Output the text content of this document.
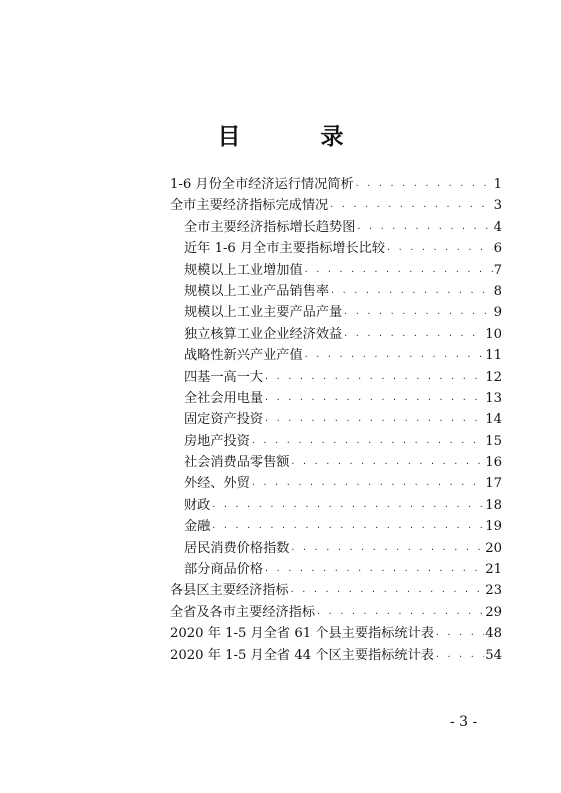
目 录
1-6 月份全市经济运行情况简析 · · ·	1
全市主要经济指标完成情况 · · ·	3
全市主要经济指标增长趋势图 · · ·	4
近年 1-6 月全市主要指标增长比较 · · ·	6
规模以上工业增加值 · · ·	7
规模以上工业产品销售率 · · ·	8
规模以上工业主要产品产量 · · ·	9
独立核算工业企业经济效益 · · ·	10
战略性新兴产业产值 · · ·	11
四基一高一大 · · ·	12
全社会用电量 · · ·	13
固定资产投资 · · ·	14
房地产投资 · · ·	15
社会消费品零售额 · · ·	16
外经、外贸 · · ·	17
财政 · · ·	18
金融 · · ·	19
居民消费价格指数 · · ·	20
部分商品价格 · · ·	21
各县区主要经济指标 · · ·	23
全省及各市主要经济指标 · · ·	29
2020 年 1-5 月全省 61 个县主要指标统计表 · · ·	48
2020 年 1-5 月全省 44 个区主要指标统计表 · · ·	54
- 3 -
